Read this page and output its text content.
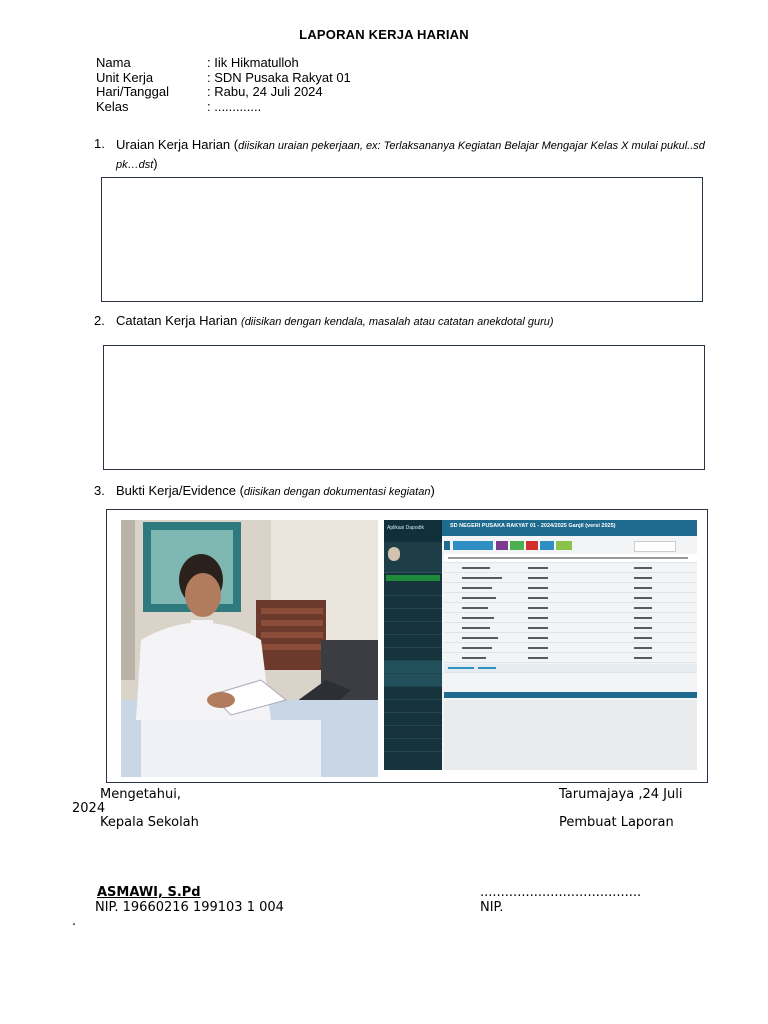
LAPORAN KERJA HARIAN
Nama	: Iik Hikmatulloh
Unit Kerja	: SDN Pusaka Rakyat 01
Hari/Tanggal	: Rabu, 24 Juli 2024
Kelas	: .............
1. Uraian Kerja Harian (diisikan uraian pekerjaan, ex: Terlaksananya Kegiatan Belajar Mengajar Kelas X mulai pukul..sd pk…dst)
2. Catatan Kerja Harian (diisikan dengan kendala, masalah atau catatan anekdotal guru)
3. Bukti Kerja/Evidence (diisikan dengan dokumentasi kegiatan)
Aplikasi Dapodik	SD NEGERI PUSAKA RAKYAT 01 - 2024/2025 Ganjil (versi 2025)
Mengetahui,	Tarumajaya ,24 Juli
2024
Kepala Sekolah	Pembuat Laporan
ASMAWI, S.Pd	.......................................
NIP. 19660216 199103 1 004	NIP.
.
